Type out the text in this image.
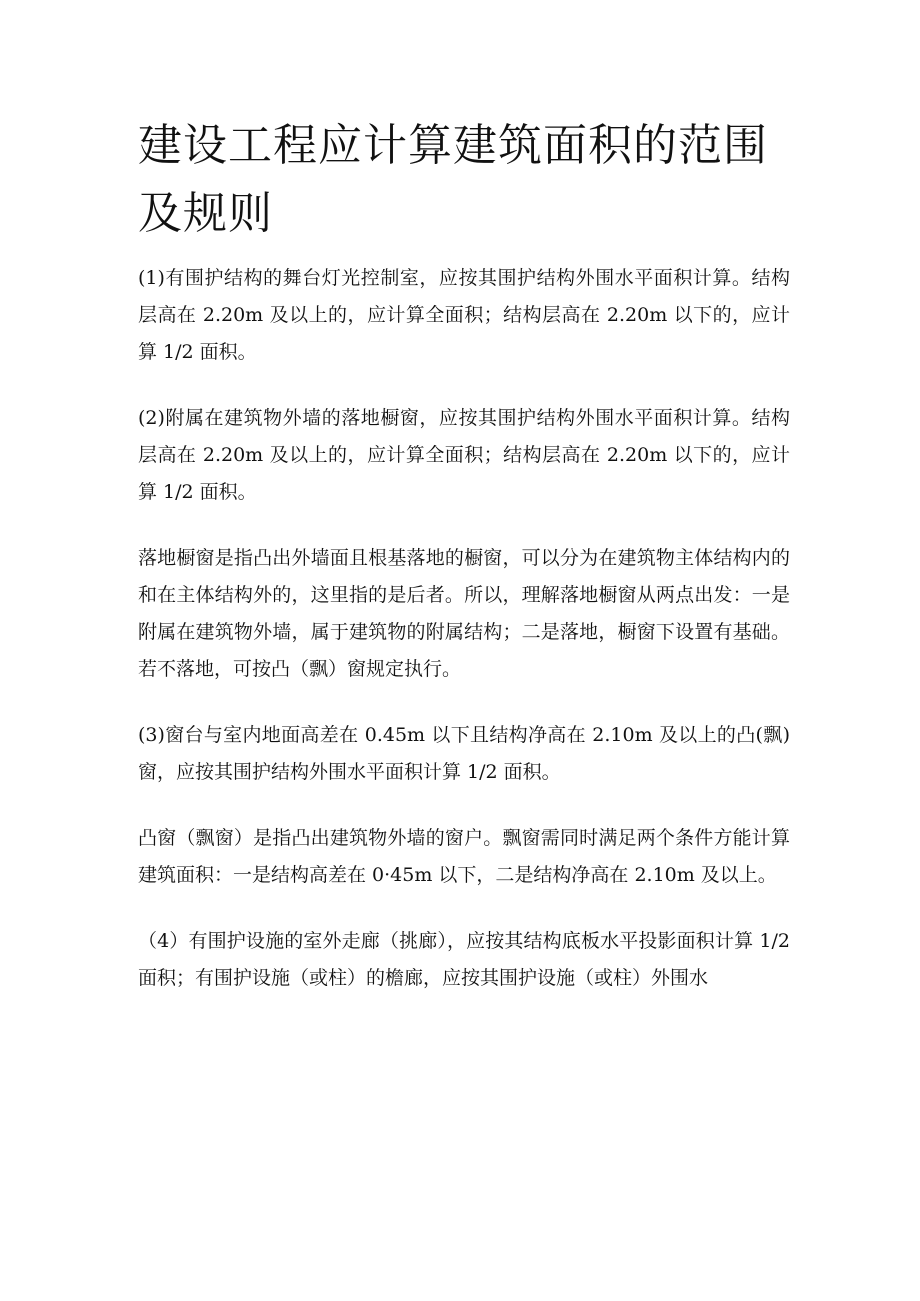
建设工程应计算建筑面积的范围及规则

(1)有围护结构的舞台灯光控制室，应按其围护结构外围水平面积计算。结构层高在 2.20m 及以上的，应计算全面积；结构层高在 2.20m 以下的，应计算 1/2 面积。

(2)附属在建筑物外墙的落地橱窗，应按其围护结构外围水平面积计算。结构层高在 2.20m 及以上的，应计算全面积；结构层高在 2.20m 以下的，应计算 1/2 面积。

落地橱窗是指凸出外墙面且根基落地的橱窗，可以分为在建筑物主体结构内的和在主体结构外的，这里指的是后者。所以，理解落地橱窗从两点出发：一是附属在建筑物外墙，属于建筑物的附属结构；二是落地，橱窗下设置有基础。若不落地，可按凸（飘）窗规定执行。

(3)窗台与室内地面高差在 0.45m 以下且结构净高在 2.10m 及以上的凸(飘)窗，应按其围护结构外围水平面积计算 1/2 面积。

凸窗（飘窗）是指凸出建筑物外墙的窗户。飘窗需同时满足两个条件方能计算建筑面积：一是结构高差在 0·45m 以下，二是结构净高在 2.10m 及以上。

（4）有围护设施的室外走廊（挑廊），应按其结构底板水平投影面积计算 1/2 面积；有围护设施（或柱）的檐廊，应按其围护设施（或柱）外围水
